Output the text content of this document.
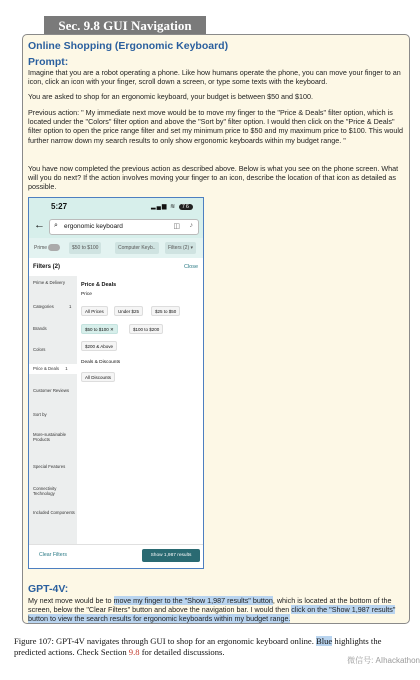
Sec. 9.8 GUI Navigation
Online Shopping (Ergonomic Keyboard)
Prompt:
Imagine that you are a robot operating a phone. Like how humans operate the phone, you can move your finger to an icon, click an icon with your finger, scroll down a screen, or type some texts with the keyboard.
You are asked to shop for an ergonomic keyboard, your budget is between $50 and $100.
Previous action: " My immediate next move would be to move my finger to the "Price & Deals" filter option, which is located under the "Colors" filter option and above the "Sort by" filter option. I would then click on the "Price & Deals" filter option to open the price range filter and set my minimum price to $50 and my maximum price to $100. This would further narrow down my search results to only show ergonomic keyboards within my budget range. "
You have now completed the previous action as described above. Below is what you see on the phone screen. What will you do next? If the action involves moving your finger to an icon, describe the location of that icon as detailed as possible.
5:27	▂▄▆ ≋ 76
← ⌕ ergonomic keyboard	◫ ♪
Prime	$50 to $100	Computer Keyb..	Filters (2) ▾
Filters (2)	Close
Prime & Delivery
Categories	1
Brands
Colors
Price & Deals 1
Customer Reviews
Sort by
More-sustainable Products
Special Features
Connectivity Technology
Included Components
Price & Deals
Price
All Prices	Under $25	$25 to $50
$50 to $100 ✕	$100 to $200
$200 & Above
Deals & Discounts
All Discounts
Clear Filters	Show 1,987 results
GPT-4V:
My next move would be to move my finger to the "Show 1,987 results" button, which is located at the bottom of the screen, below the "Clear Filters" button and above the navigation bar. I would then click on the "Show 1,987 results" button to view the search results for ergonomic keyboards within my budget range.
Figure 107: GPT-4V navigates through GUI to shop for an ergonomic keyboard online. Blue highlights the predicted actions. Check Section 9.8 for detailed discussions.
微信号: AIhackathon
